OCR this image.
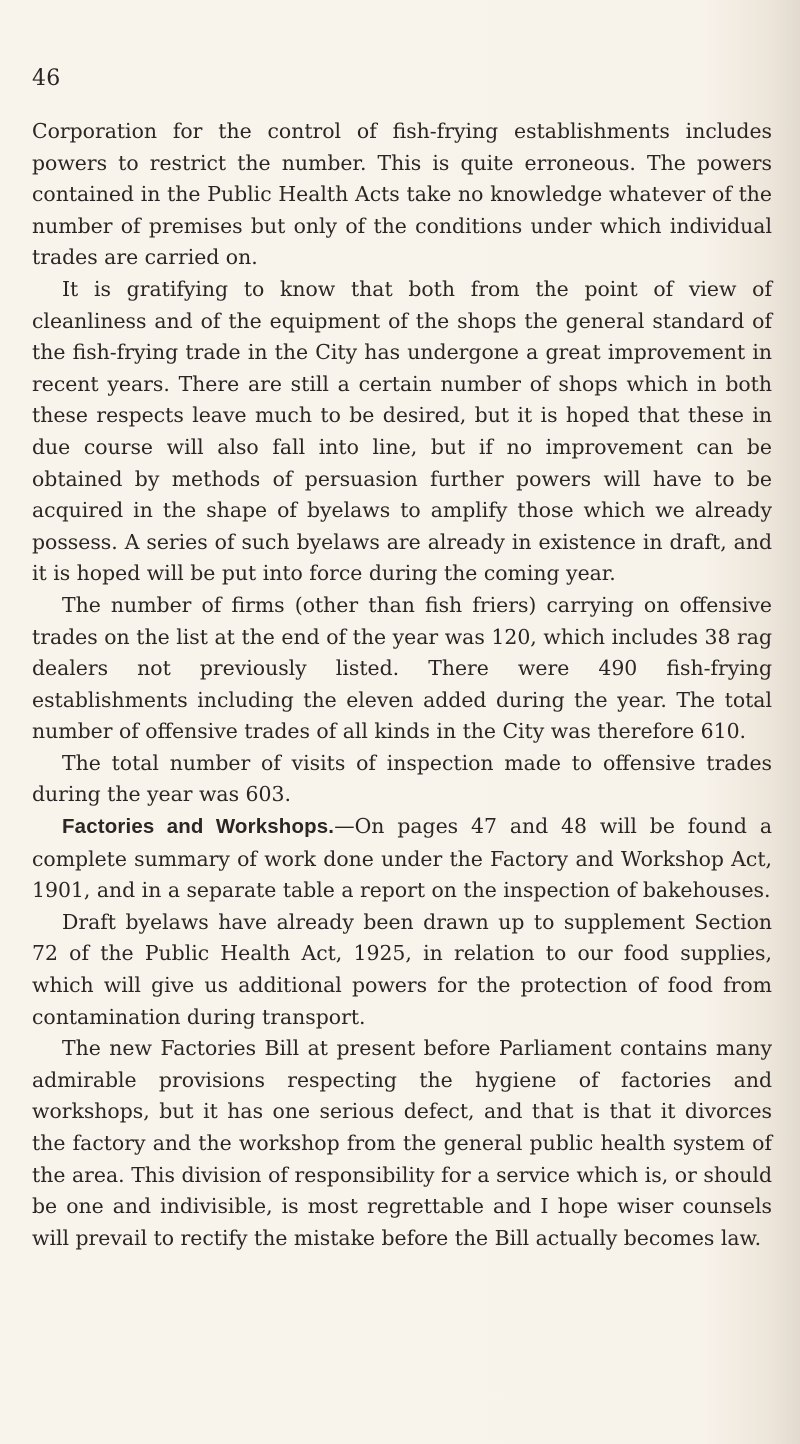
46

Corporation for the control of fish-frying establishments includes powers to restrict the number. This is quite erroneous. The powers contained in the Public Health Acts take no knowledge whatever of the number of premises but only of the conditions under which individual trades are carried on.

It is gratifying to know that both from the point of view of cleanliness and of the equipment of the shops the general standard of the fish-frying trade in the City has undergone a great improvement in recent years. There are still a certain number of shops which in both these respects leave much to be desired, but it is hoped that these in due course will also fall into line, but if no improvement can be obtained by methods of persuasion further powers will have to be acquired in the shape of byelaws to amplify those which we already possess. A series of such byelaws are already in existence in draft, and it is hoped will be put into force during the coming year.

The number of firms (other than fish friers) carrying on offensive trades on the list at the end of the year was 120, which includes 38 rag dealers not previously listed. There were 490 fish-frying establishments including the eleven added during the year. The total number of offensive trades of all kinds in the City was therefore 610.

The total number of visits of inspection made to offensive trades during the year was 603.

Factories and Workshops.—On pages 47 and 48 will be found a complete summary of work done under the Factory and Workshop Act, 1901, and in a separate table a report on the inspection of bakehouses.

Draft byelaws have already been drawn up to supplement Section 72 of the Public Health Act, 1925, in relation to our food supplies, which will give us additional powers for the protection of food from contamination during transport.

The new Factories Bill at present before Parliament contains many admirable provisions respecting the hygiene of factories and workshops, but it has one serious defect, and that is that it divorces the factory and the workshop from the general public health system of the area. This division of responsibility for a service which is, or should be one and indivisible, is most regrettable and I hope wiser counsels will prevail to rectify the mistake before the Bill actually becomes law.
